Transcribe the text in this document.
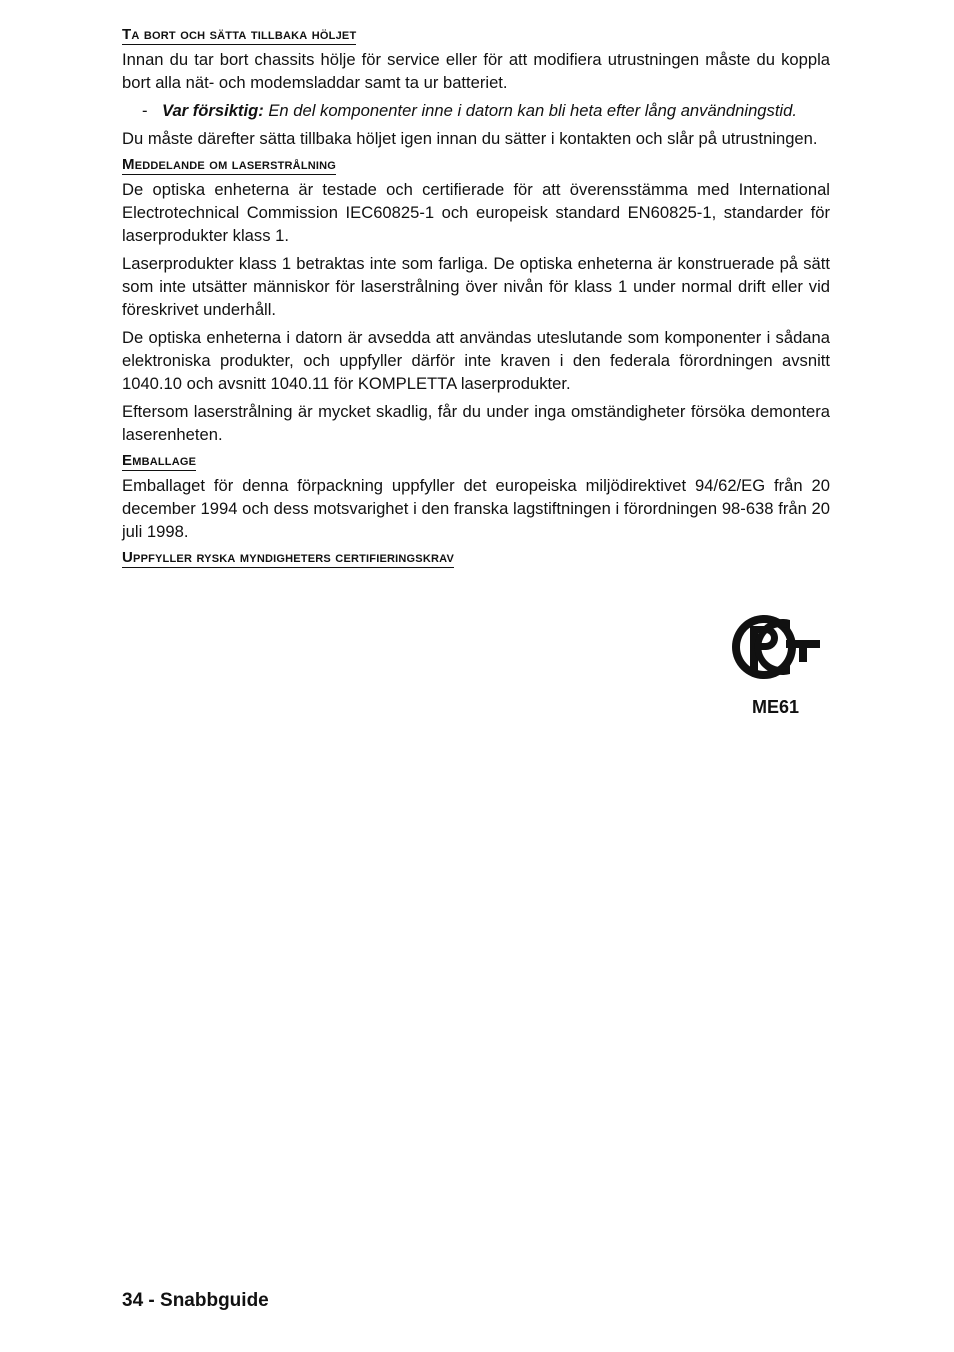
Ta bort och sätta tillbaka höljet

Innan du tar bort chassits hölje för service eller för att modifiera utrustningen måste du koppla bort alla nät- och modemsladdar samt ta ur batteriet.

- Var försiktig: En del komponenter inne i datorn kan bli heta efter lång användningstid.

Du måste därefter sätta tillbaka höljet igen innan du sätter i kontakten och slår på utrustningen.

Meddelande om laserstrålning

De optiska enheterna är testade och certifierade för att överensstämma med International Electrotechnical Commission IEC60825-1 och europeisk standard EN60825-1, standarder för laserprodukter klass 1.

Laserprodukter klass 1 betraktas inte som farliga. De optiska enheterna är konstruerade på sätt som inte utsätter människor för laserstrålning över nivån för klass 1 under normal drift eller vid föreskrivet underhåll.

De optiska enheterna i datorn är avsedda att användas uteslutande som komponenter i sådana elektroniska produkter, och uppfyller därför inte kraven i den federala förordningen avsnitt 1040.10 och avsnitt 1040.11 för KOMPLETTA laserprodukter.

Eftersom laserstrålning är mycket skadlig, får du under inga omständigheter försöka demontera laserenheten.

Emballage

Emballaget för denna förpackning uppfyller det europeiska miljödirektivet 94/62/EG från 20 december 1994 och dess motsvarighet i den franska lagstiftningen i förordningen 98-638 från 20 juli 1998.

Uppfyller ryska myndigheters certifieringskrav
ME61
34 - Snabbguide
